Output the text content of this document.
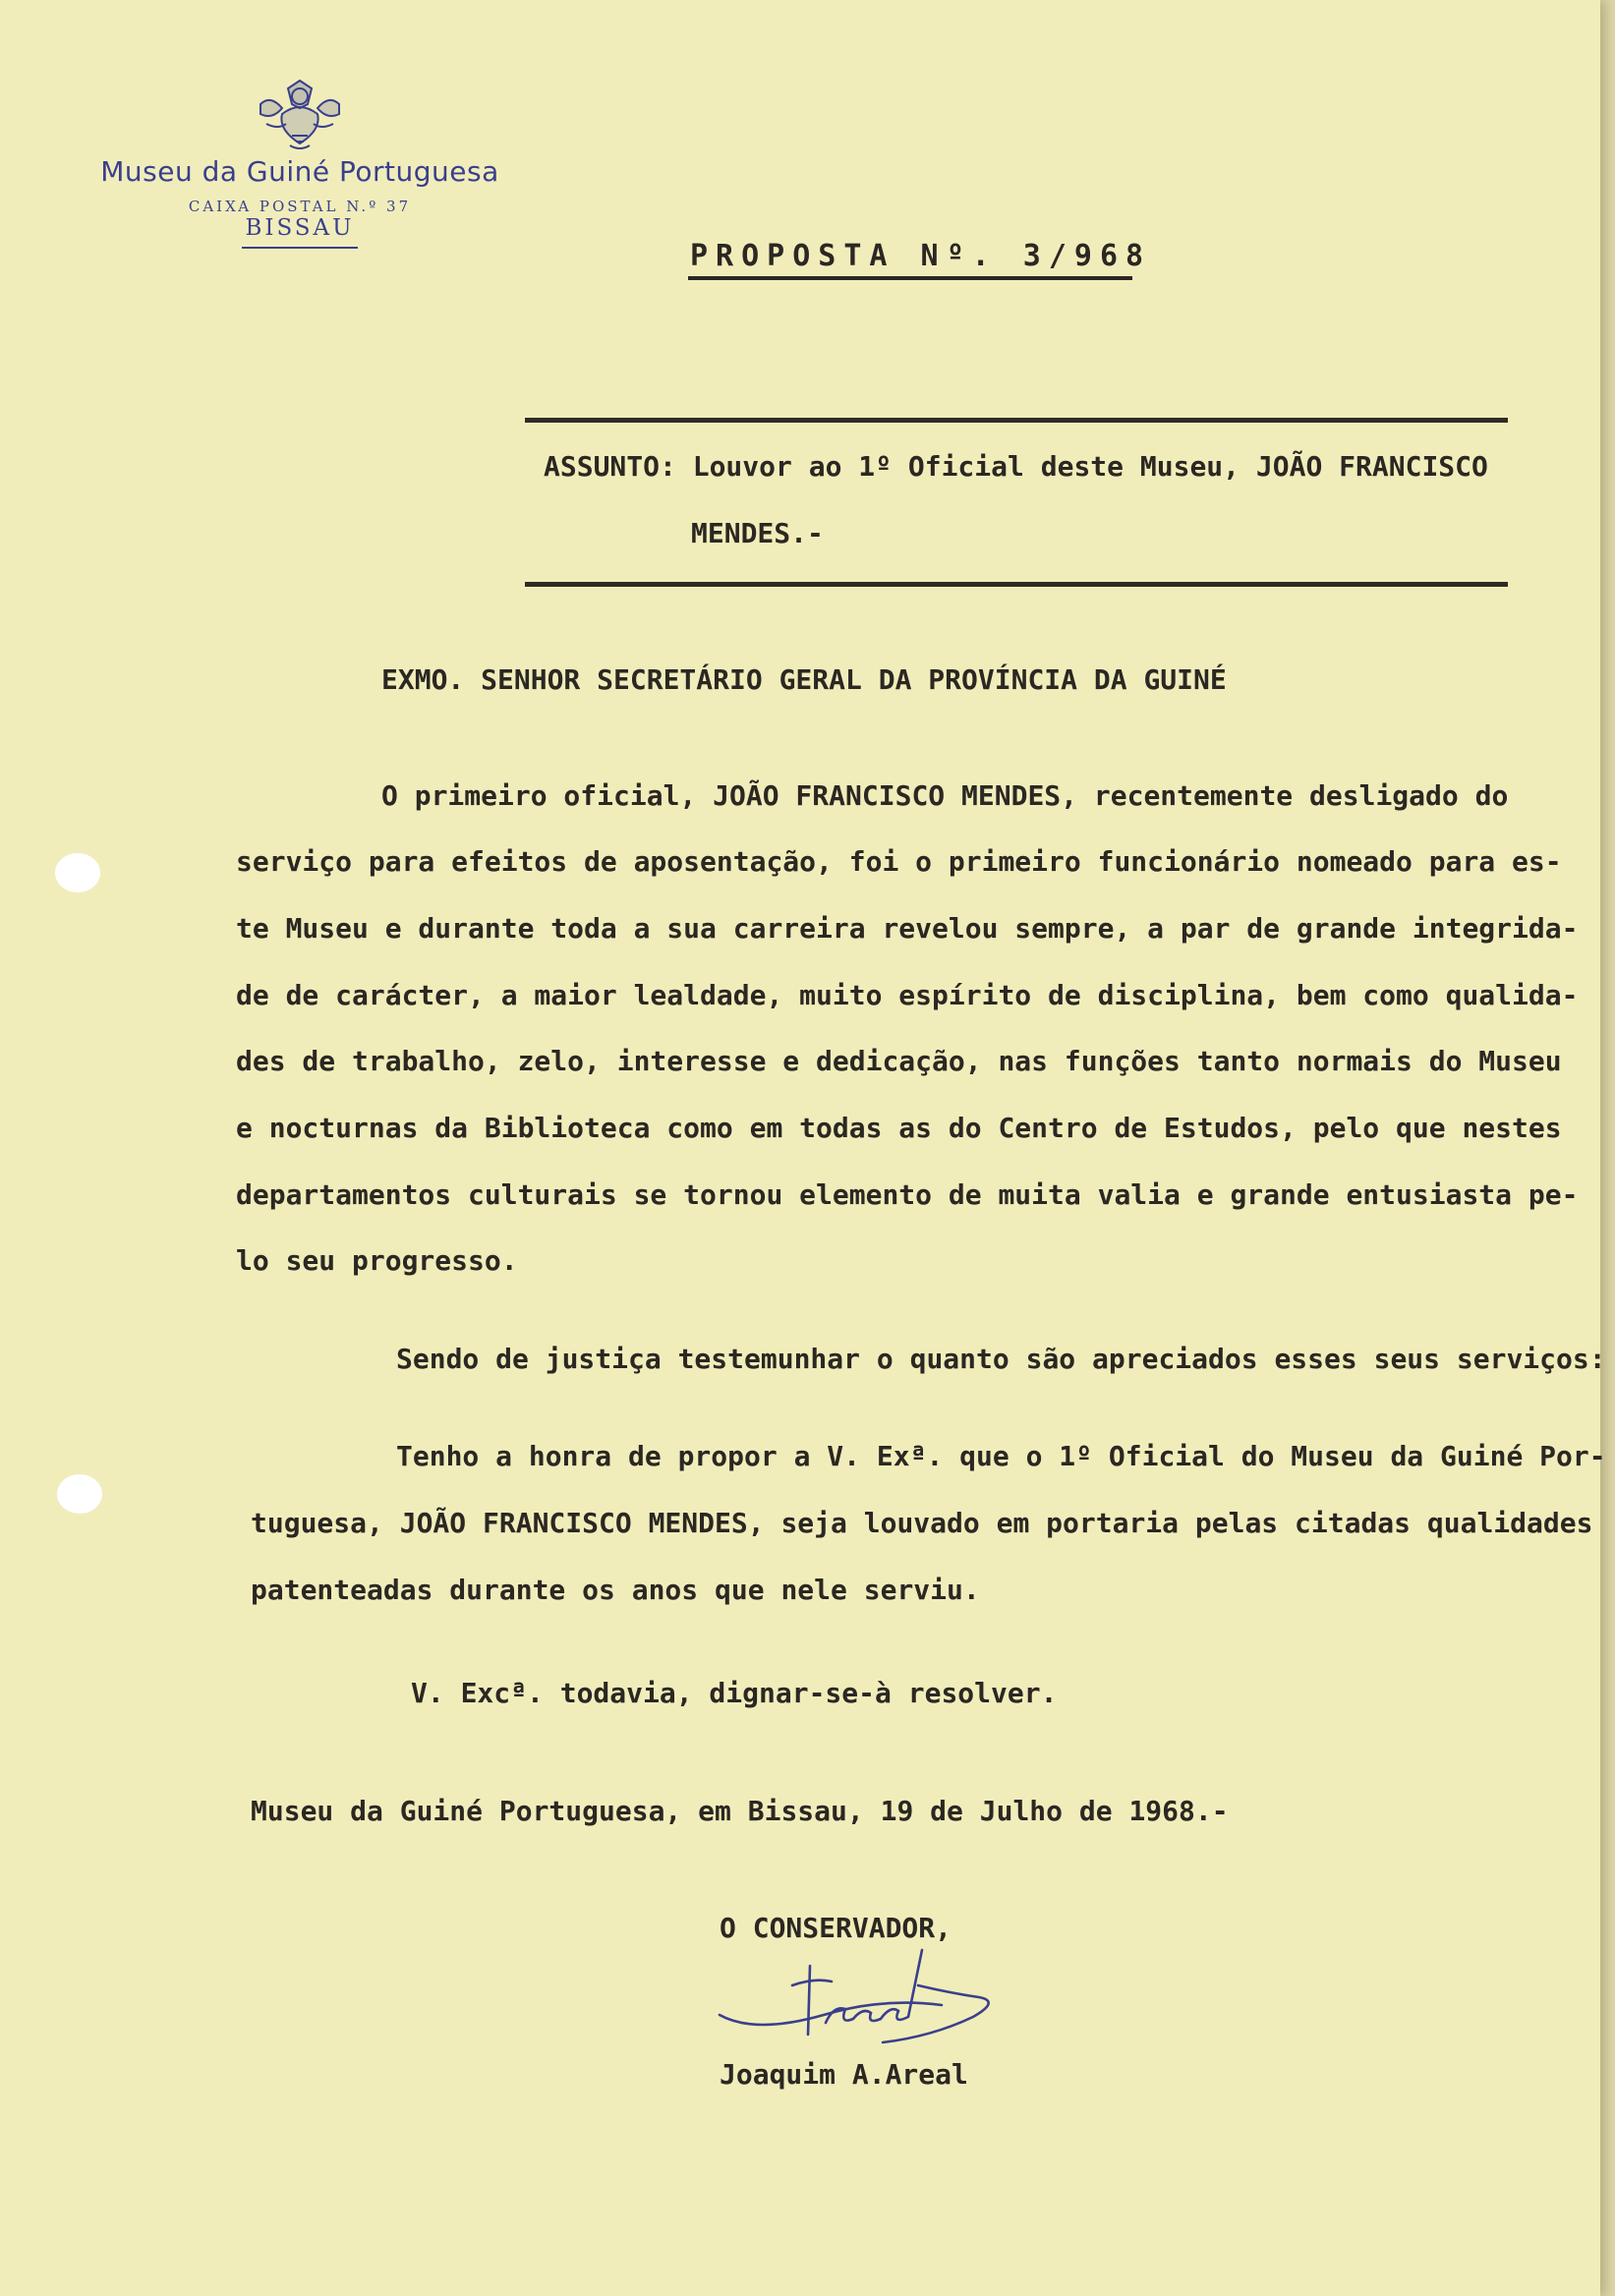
Museu da Guiné Portuguesa
CAIXA POSTAL N.º 37
BISSAU
PROPOSTA Nº. 3/968
ASSUNTO: Louvor ao 1º Oficial deste Museu, JOÃO FRANCISCO
MENDES.-
EXMO. SENHOR SECRETÁRIO GERAL DA PROVÍNCIA DA GUINÉ
O primeiro oficial, JOÃO FRANCISCO MENDES, recentemente desligado do
serviço para efeitos de aposentação, foi o primeiro funcionário nomeado para es-
te Museu e durante toda a sua carreira revelou sempre, a par de grande integrida-
de de carácter, a maior lealdade, muito espírito de disciplina, bem como qualida-
des de trabalho, zelo, interesse e dedicação, nas funções tanto normais do Museu
e nocturnas da Biblioteca como em todas as do Centro de Estudos, pelo que nestes
departamentos culturais se tornou elemento de muita valia e grande entusiasta pe-
lo seu progresso.
Sendo de justiça testemunhar o quanto são apreciados esses seus serviços:
Tenho a honra de propor a V. Exª. que o 1º Oficial do Museu da Guiné Por-
tuguesa, JOÃO FRANCISCO MENDES, seja louvado em portaria pelas citadas qualidades
patenteadas durante os anos que nele serviu.
V. Excª. todavia, dignar-se-à resolver.
Museu da Guiné Portuguesa, em Bissau, 19 de Julho de 1968.-
O CONSERVADOR,
Joaquim A.Areal
